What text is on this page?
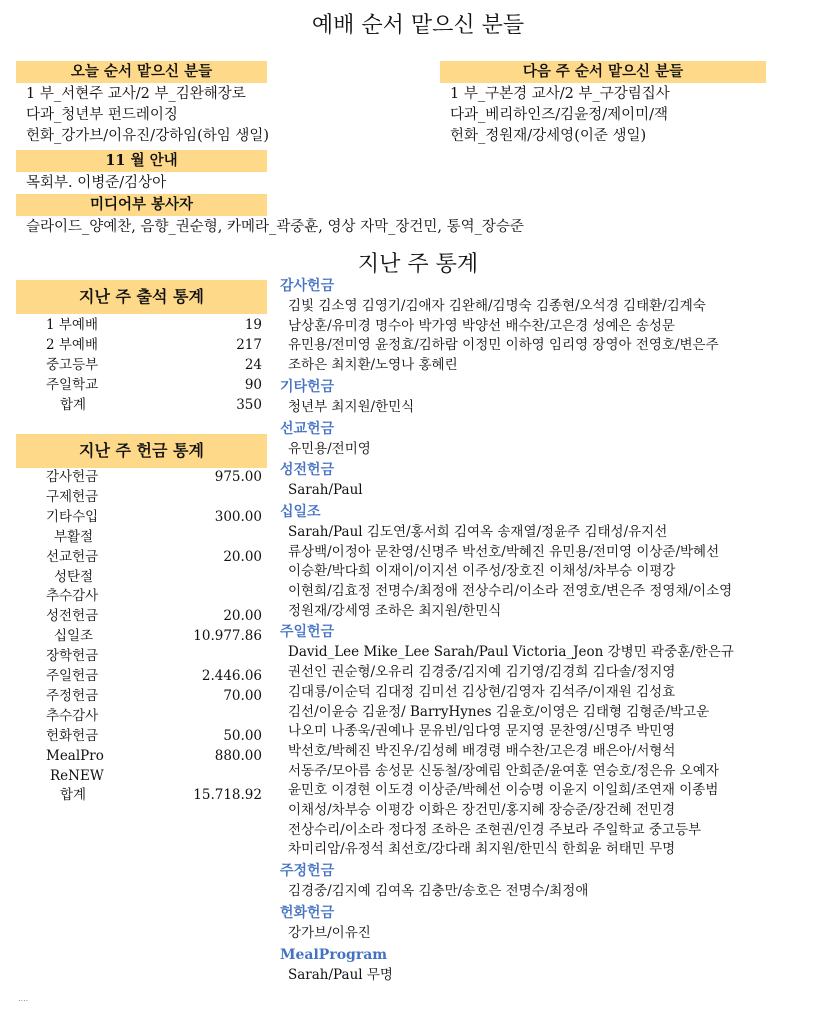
예배 순서 맡으신 분들
오늘 순서 맡으신 분들
1 부_서현주 교사/2 부_김완해장로
다과_청년부 펀드레이징
헌화_강가브/이유진/강하임(하임 생일)
다음 주 순서 맡으신 분들
1 부_구본경 교사/2 부_구강림집사
다과_베리하인즈/김윤정/제이미/잭
헌화_정원재/강세영(이준 생일)
11 월 안내
목회부. 이병준/김상아
미디어부 봉사자
슬라이드_양예찬, 음향_권순형, 카메라_곽중훈, 영상 자막_장건민, 통역_장승준
지난 주 통계
지난 주 출석 통계
1 부예배	19
2 부예배	217
중고등부	24
주일학교	90
합계	350
지난 주 헌금 통계
감사헌금	975.00
구제헌금
기타수입	300.00
부활절
선교헌금	20.00
성탄절
추수감사
성전헌금	20.00
십일조	10.977.86
장학헌금
주일헌금	2.446.06
주정헌금	70.00
추수감사
헌화헌금	50.00
MealPro	880.00
ReNEW
합계	15.718.92
감사헌금
김빛 김소영 김영기/김애자 김완해/김명숙 김종현/오석경 김태환/김계숙
남상훈/유미경 명수아 박가영 박양선 배수찬/고은경 성예은 송성문
유민용/전미영 윤정효/김하람 이정민 이하영 임리영 장영아 전영호/변은주
조하은 최치환/노영나 홍혜린
기타헌금
청년부 최지원/한민식
선교헌금
유민용/전미영
성전헌금
Sarah/Paul
십일조
Sarah/Paul 김도연/홍서희 김여옥 송재열/정윤주 김태성/유지선
류상백/이정아 문찬영/신명주 박선호/박혜진 유민용/전미영 이상준/박혜선
이승환/박다희 이재이/이지선 이주성/장호진 이채성/차부승 이평강
이현희/김효정 전명수/최정애 전상수리/이소라 전영호/변은주 정영채/이소영
정원재/강세영 조하은 최지원/한민식
주일헌금
David_Lee Mike_Lee Sarah/Paul Victoria_Jeon 강병민 곽중훈/한은규
권선인 권순형/오유리 김경중/김지예 김기영/김경희 김다솔/정지영
김대룡/이순덕 김대정 김미선 김상현/김영자 김석주/이재원 김성효
김선/이윤승 김윤정/ BarryHynes 김윤호/이영은 김태형 김형준/박고운
나오미 나종욱/권예나 문유빈/임다영 문지영 문찬영/신명주 박민영
박선호/박혜진 박진우/김성혜 배경령 배수찬/고은경 배은아/서형석
서동주/모아름 송성문 신동철/장예림 안희준/윤여훈 연승호/정은유 오예자
윤민호 이경현 이도경 이상준/박혜선 이승명 이윤지 이일희/조연재 이종범
이채성/차부승 이평강 이화은 장건민/홍지혜 장승준/장건혜 전민경
전상수리/이소라 정다정 조하은 조현권/인경 주보라 주일학교 중고등부
차미리암/유정석 최선호/강다래 최지원/한민식 한희윤 허태민 무명
주정헌금
김경중/김지예 김여옥 김충만/송호은 전명수/최정애
헌화헌금
강가브/이유진
MealProgram
Sarah/Paul 무명
....
